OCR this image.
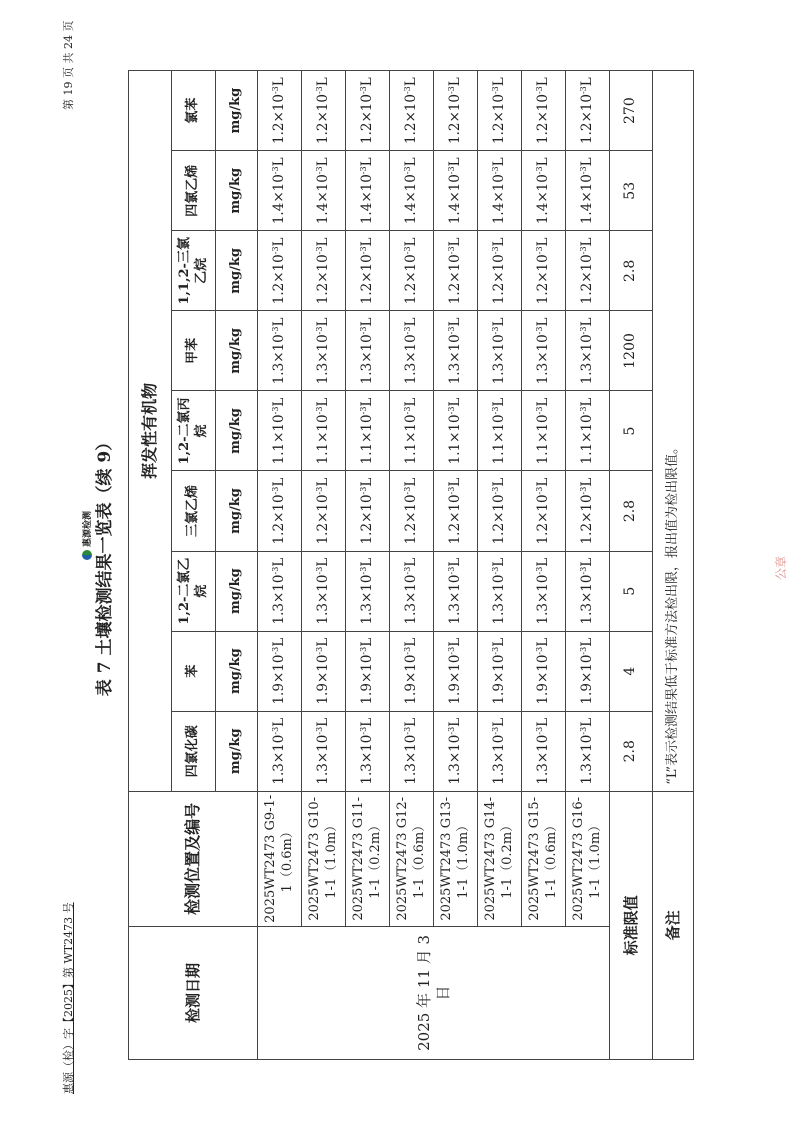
惠源（检）字【2025】第 WT2473 号
第 19 页 共 24 页
惠源检测
公章
表 7 土壤检测结果一览表（续 9）
检测日期	检测位置及编号	挥发性有机物								
		四氯化碳	苯	1,2-二氯乙烷	三氯乙烯	1,2-二氯丙烷	甲苯	1,1,2-三氯乙烷	四氯乙烯	氯苯
		mg/kg	mg/kg	mg/kg	mg/kg	mg/kg	mg/kg	mg/kg	mg/kg	mg/kg
2025 年 11 月 3 日	2025WT2473 G9-1-1（0.6m）	$1.3\times 10^{-3}L$	$1.9\times 10^{-3}L$	$1.3\times 10^{-3}L$	$1.2\times 10^{-3}L$	$1.1\times 10^{-3}L$	$1.3\times 10^{-3}L$	$1.2\times 10^{-3}L$	$1.4\times 10^{-3}L$	$1.2\times 10^{-3}L$
	2025WT2473 G10-1-1（1.0m）	$1.3\times 10^{-3}L$	$1.9\times 10^{-3}L$	$1.3\times 10^{-3}L$	$1.2\times 10^{-3}L$	$1.1\times 10^{-3}L$	$1.3\times 10^{-3}L$	$1.2\times 10^{-3}L$	$1.4\times 10^{-3}L$	$1.2\times 10^{-3}L$
	2025WT2473 G11-1-1（0.2m）	$1.3\times 10^{-3}L$	$1.9\times 10^{-3}L$	$1.3\times 10^{-3}L$	$1.2\times 10^{-3}L$	$1.1\times 10^{-3}L$	$1.3\times 10^{-3}L$	$1.2\times 10^{-3}L$	$1.4\times 10^{-3}L$	$1.2\times 10^{-3}L$
	2025WT2473 G12-1-1（0.6m）	$1.3\times 10^{-3}L$	$1.9\times 10^{-3}L$	$1.3\times 10^{-3}L$	$1.2\times 10^{-3}L$	$1.1\times 10^{-3}L$	$1.3\times 10^{-3}L$	$1.2\times 10^{-3}L$	$1.4\times 10^{-3}L$	$1.2\times 10^{-3}L$
	2025WT2473 G13-1-1（1.0m）	$1.3\times 10^{-3}L$	$1.9\times 10^{-3}L$	$1.3\times 10^{-3}L$	$1.2\times 10^{-3}L$	$1.1\times 10^{-3}L$	$1.3\times 10^{-3}L$	$1.2\times 10^{-3}L$	$1.4\times 10^{-3}L$	$1.2\times 10^{-3}L$
	2025WT2473 G14-1-1（0.2m）	$1.3\times 10^{-3}L$	$1.9\times 10^{-3}L$	$1.3\times 10^{-3}L$	$1.2\times 10^{-3}L$	$1.1\times 10^{-3}L$	$1.3\times 10^{-3}L$	$1.2\times 10^{-3}L$	$1.4\times 10^{-3}L$	$1.2\times 10^{-3}L$
	2025WT2473 G15-1-1（0.6m）	$1.3\times 10^{-3}L$	$1.9\times 10^{-3}L$	$1.3\times 10^{-3}L$	$1.2\times 10^{-3}L$	$1.1\times 10^{-3}L$	$1.3\times 10^{-3}L$	$1.2\times 10^{-3}L$	$1.4\times 10^{-3}L$	$1.2\times 10^{-3}L$
	2025WT2473 G16-1-1（1.0m）	$1.3\times 10^{-3}L$	$1.9\times 10^{-3}L$	$1.3\times 10^{-3}L$	$1.2\times 10^{-3}L$	$1.1\times 10^{-3}L$	$1.3\times 10^{-3}L$	$1.2\times 10^{-3}L$	$1.4\times 10^{-3}L$	$1.2\times 10^{-3}L$
标准限值		2.8	4	5	2.8	5	1200	2.8	53	270
备注		“L”表示检测结果低于标准方法检出限，报出值为检出限值。								
